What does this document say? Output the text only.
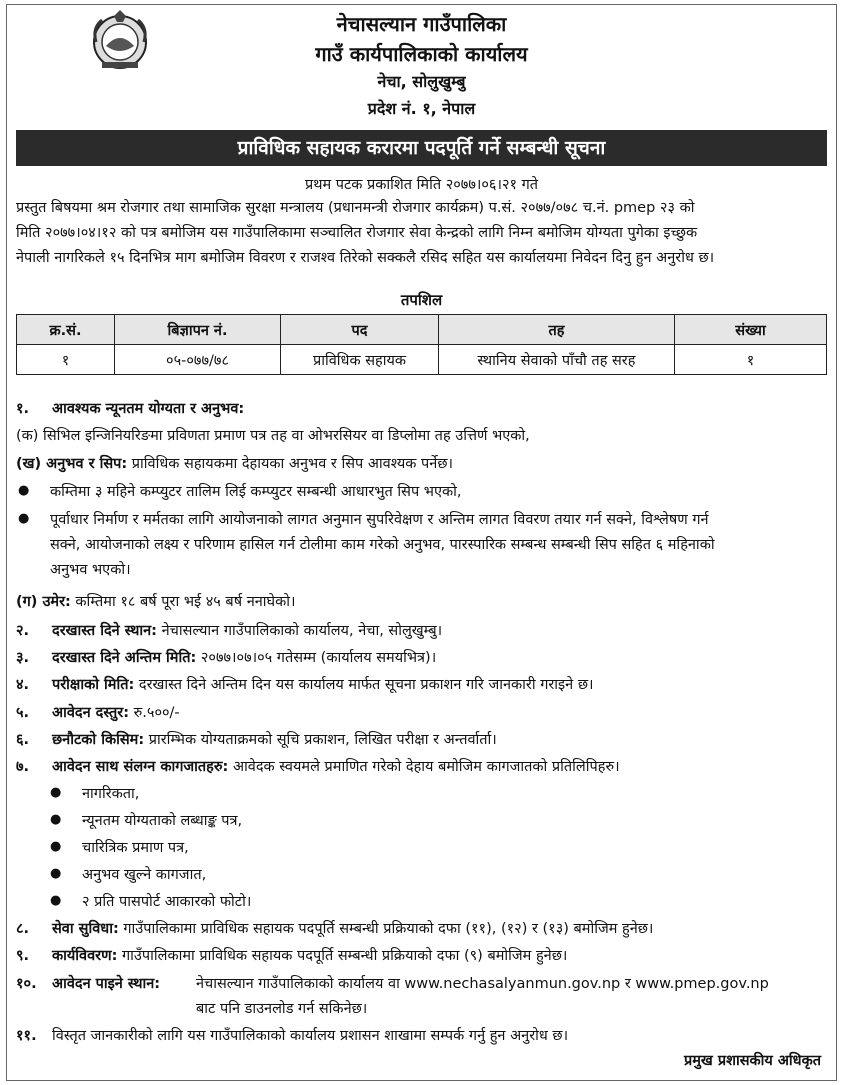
नेचासल्यान गाउँपालिका
गाउँ कार्यपालिकाको कार्यालय
नेचा, सोलुखुम्बु
प्रदेश नं. १, नेपाल
प्राविधिक सहायक करारमा पदपूर्ति गर्ने सम्बन्धी सूचना
प्रथम पटक प्रकाशित मिति २०७७।०६।२१ गते
प्रस्तुत बिषयमा श्रम रोजगार तथा सामाजिक सुरक्षा मन्त्रालय (प्रधानमन्त्री रोजगार कार्यक्रम) प.सं. २०७७/०७८ च.नं. pmep २३ को
मिति २०७७।०४।१२ को पत्र बमोजिम यस गाउँपालिकामा सञ्चालित रोजगार सेवा केन्द्रको लागि निम्न बमोजिम योग्यता पुगेका इच्छुक
नेपाली नागरिकले १५ दिनभित्र माग बमोजिम विवरण र राजश्व तिरेको सक्कलै रसिद सहित यस कार्यालयमा निवेदन दिनु हुन अनुरोध छ।
तपशिल
क्र.सं.	बिज्ञापन नं.	पद	तह	संख्या
१	०५-०७७/७८	प्राविधिक सहायक	स्थानिय सेवाको पाँचौ तह सरह	१
१. आवश्यक न्यूनतम योग्यता र अनुभव:
(क) सिभिल इन्जिनियरिङमा प्रविणता प्रमाण पत्र तह वा ओभरसियर वा डिप्लोमा तह उत्तिर्ण भएको,
(ख) अनुभव र सिप: प्राविधिक सहायकमा देहायका अनुभव र सिप आवश्यक पर्नेछ।
● कम्तिमा ३ महिने कम्प्युटर तालिम लिई कम्प्युटर सम्बन्धी आधारभुत सिप भएको,
● पूर्वाधार निर्माण र मर्मतका लागि आयोजनाको लागत अनुमान सुपरिवेक्षण र अन्तिम लागत विवरण तयार गर्न सक्ने, विश्लेषण गर्न
सक्ने, आयोजनाको लक्ष्य र परिणाम हासिल गर्न टोलीमा काम गरेको अनुभव, पारस्पारिक सम्बन्ध सम्बन्धी सिप सहित ६ महिनाको
अनुभव भएको।
(ग) उमेर: कम्तिमा १८ बर्ष पूरा भई ४५ बर्ष ननाघेको।
२. दरखास्त दिने स्थान: नेचासल्यान गाउँपालिकाको कार्यालय, नेचा, सोलुखुम्बु।
३. दरखास्त दिने अन्तिम मिति: २०७७।०७।०५ गतेसम्म (कार्यालय समयभित्र)।
४. परीक्षाको मिति: दरखास्त दिने अन्तिम दिन यस कार्यालय मार्फत सूचना प्रकाशन गरि जानकारी गराइने छ।
५. आवेदन दस्तुर: रु.५००/-
६. छनौटको किसिम: प्रारम्भिक योग्यताक्रमको सूचि प्रकाशन, लिखित परीक्षा र अन्तर्वार्ता।
७. आवेदन साथ संलग्न कागजातहरु: आवेदक स्वयमले प्रमाणित गरेको देहाय बमोजिम कागजातको प्रतिलिपिहरु।
● नागरिकता,
● न्यूनतम योग्यताको लब्धाङ्क पत्र,
● चारित्रिक प्रमाण पत्र,
● अनुभव खुल्ने कागजात,
● २ प्रति पासपोर्ट आकारको फोटो।
८. सेवा सुविधा: गाउँपालिकामा प्राविधिक सहायक पदपूर्ति सम्बन्धी प्रक्रियाको दफा (११), (१२) र (१३) बमोजिम हुनेछ।
९. कार्यविवरण: गाउँपालिकामा प्राविधिक सहायक पदपूर्ति सम्बन्धी प्रक्रियाको दफा (९) बमोजिम हुनेछ।
१०. आवेदन पाइने स्थान: नेचासल्यान गाउँपालिकाको कार्यालय वा www.nechasalyanmun.gov.np र www.pmep.gov.np
बाट पनि डाउनलोड गर्न सकिनेछ।
११. विस्तृत जानकारीको लागि यस गाउँपालिकाको कार्यालय प्रशासन शाखामा सम्पर्क गर्नु हुन अनुरोध छ।
प्रमुख प्रशासकीय अधिकृत
